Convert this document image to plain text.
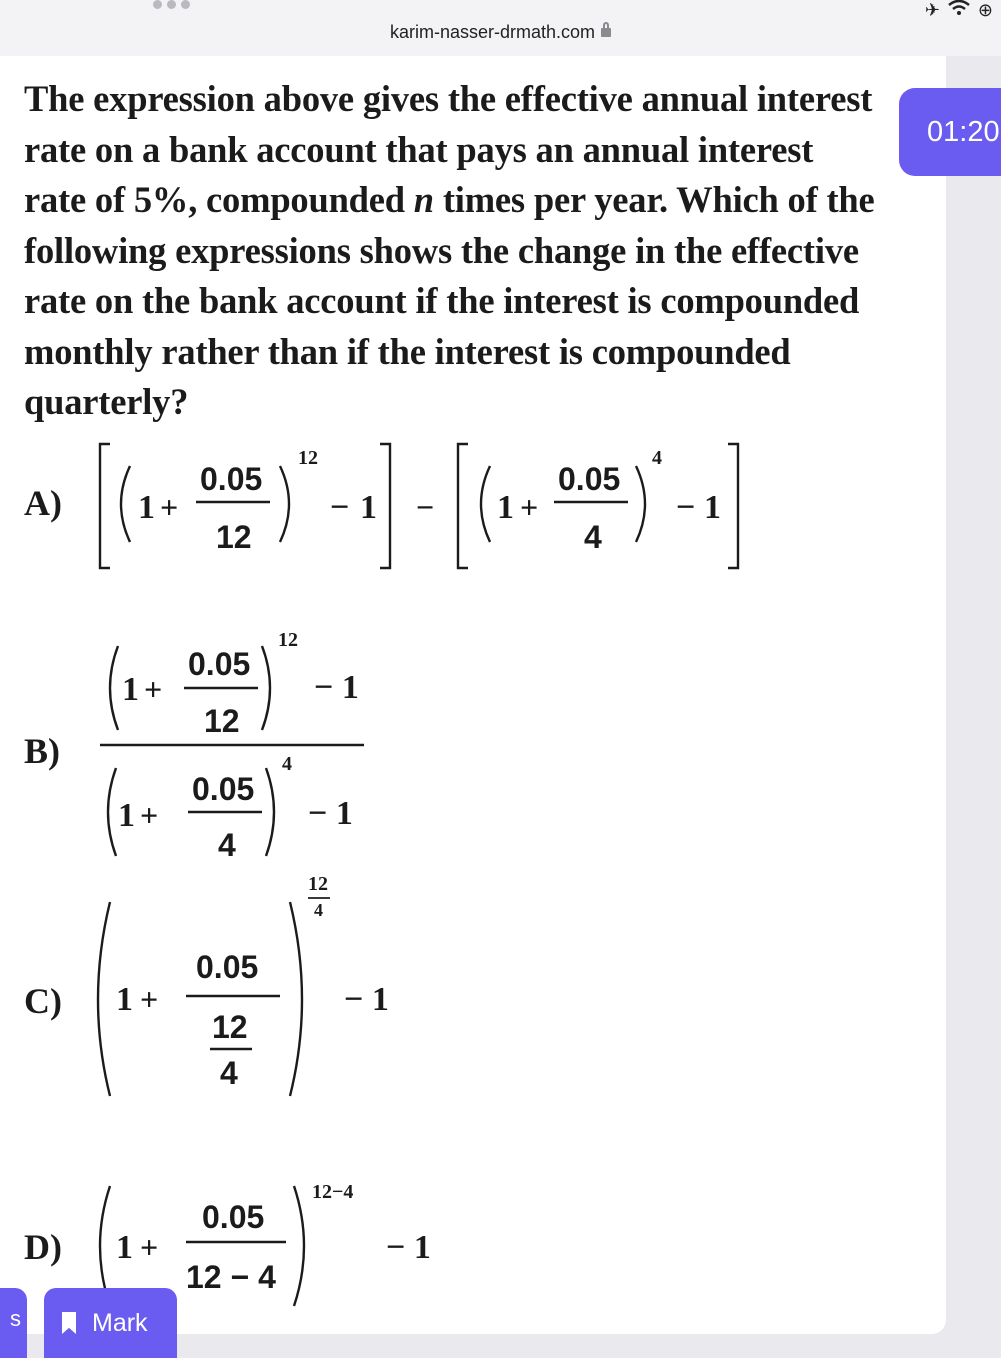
karim-nasser-drmath.com
✈ ⊕
The expression above gives the effective annual interest
rate on a bank account that pays an annual interest
rate of 5%, compounded n times per year. Which of the
following expressions shows the change in the effective
rate on the bank account if the interest is compounded
monthly rather than if the interest is compounded
quarterly?
01:20
A) 1 +
0.05
12
12
− 1 − 1 +
0.05
4
4
− 1
B)
1 +
0.05
12
12
− 1
1 +
0.05
4
4
− 1
C) 1 +
0.05
12
4
12
4
− 1
D) 1 +
0.05
12 − 4
12−4
− 1
s	Mark
